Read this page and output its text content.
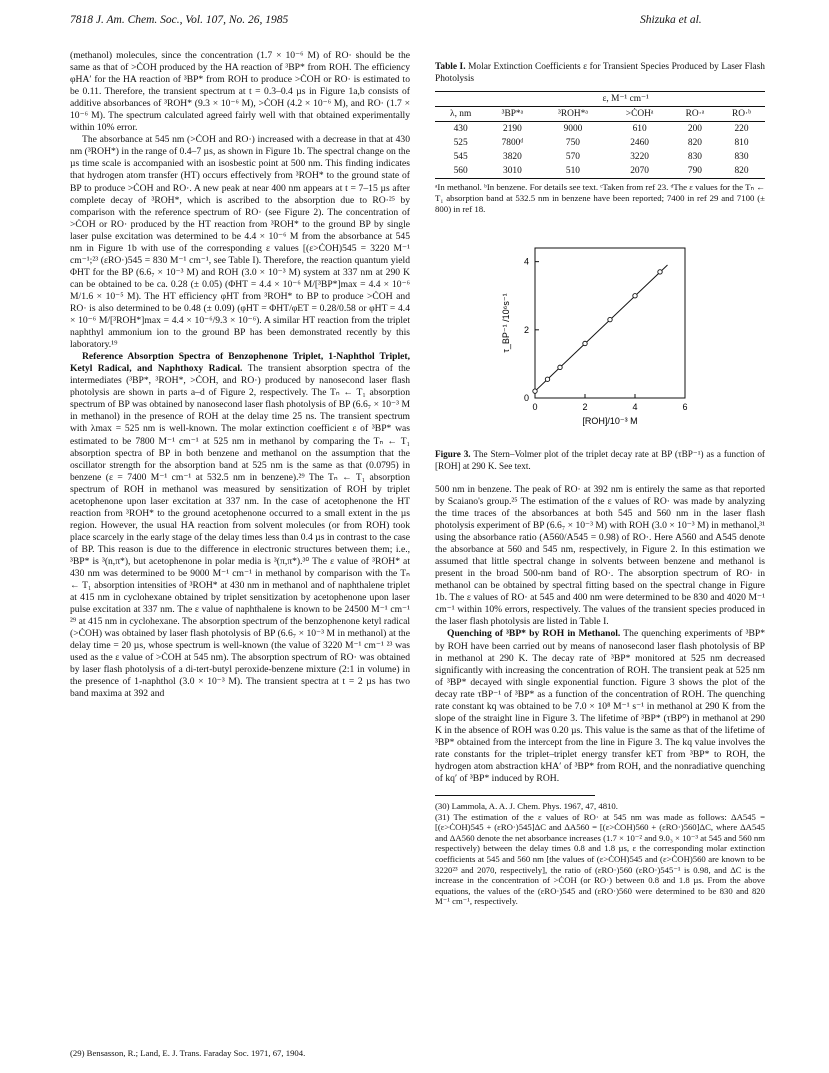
7818 J. Am. Chem. Soc., Vol. 107, No. 26, 1985	Shizuka et al.

(methanol) molecules, since the concentration (1.7 × 10⁻⁶ M) of RO· should be the same as that of >ĊOH produced by the HA reaction of ³BP* from ROH. The efficiency φHA′ for the HA reaction of ³BP* from ROH to produce >ĊOH or RO· is estimated to be 0.11. Therefore, the transient spectrum at t = 0.3–0.4 µs in Figure 1a,b consists of additive absorbances of ³ROH* (9.3 × 10⁻⁶ M), >ĊOH (4.2 × 10⁻⁶ M), and RO· (1.7 × 10⁻⁶ M). The spectrum calculated agreed fairly well with that obtained experimentally within 10% error.

The absorbance at 545 nm (>ĊOH and RO·) increased with a decrease in that at 430 nm (³ROH*) in the range of 0.4–7 µs, as shown in Figure 1b. The spectral change on the µs time scale is accompanied with an isosbestic point at 500 nm. This finding indicates that hydrogen atom transfer (HT) occurs effectively from ³ROH* to the ground state of BP to produce >ĊOH and RO·. A new peak at near 400 nm appears at t = 7–15 µs after complete decay of ³ROH*, which is ascribed to the absorption due to RO·²⁵ by comparison with the reference spectrum of RO· (see Figure 2). The concentration of >ĊOH or RO· produced by the HT reaction from ³ROH* to the ground BP by single laser pulse excitation was determined to be 4.4 × 10⁻⁶ M from the absorbance at 545 nm in Figure 1b with use of the corresponding ε values [(ε>ĊOH)545 = 3220 M⁻¹ cm⁻¹;²³ (εRO·)545 = 830 M⁻¹ cm⁻¹, see Table I). Therefore, the reaction quantum yield ΦHT for the BP (6.6₇ × 10⁻³ M) and ROH (3.0 × 10⁻³ M) system at 337 nm at 290 K can be obtained to be ca. 0.28 (± 0.05) (ΦHT = 4.4 × 10⁻⁶ M/[³BP*]max = 4.4 × 10⁻⁶ M/1.6 × 10⁻⁵ M). The HT efficiency φHT from ³ROH* to BP to produce >ĊOH and RO· is also determined to be 0.48 (± 0.09) (φHT = ΦHT/φET = 0.28/0.58 or φHT = 4.4 × 10⁻⁶ M/[³ROH*]max = 4.4 × 10⁻⁶/9.3 × 10⁻⁶). A similar HT reaction from the triplet naphthyl ammonium ion to the ground BP has been demonstrated recently by this laboratory.¹⁹

Reference Absorption Spectra of Benzophenone Triplet, 1-Naphthol Triplet, Ketyl Radical, and Naphthoxy Radical. The transient absorption spectra of the intermediates (³BP*, ³ROH*, >ĊOH, and RO·) produced by nanosecond laser flash photolysis are shown in parts a–d of Figure 2, respectively. The Tₙ ← T₁ absorption spectrum of BP was obtained by nanosecond laser flash photolysis of BP (6.6₇ × 10⁻³ M in methanol) in the presence of ROH at the delay time 25 ns. The transient spectrum with λmax = 525 nm is well-known. The molar extinction coefficient ε of ³BP* was estimated to be 7800 M⁻¹ cm⁻¹ at 525 nm in methanol by comparing the Tₙ ← T₁ absorption spectra of BP in both benzene and methanol on the assumption that the oscillator strength for the absorption band at 525 nm is the same as that (0.0795) in benzene (ε = 7400 M⁻¹ cm⁻¹ at 532.5 nm in benzene).²⁹ The Tₙ ← T₁ absorption spectrum of ROH in methanol was measured by sensitization of ROH by triplet acetophenone upon laser excitation at 337 nm. In the case of acetophenone the HT reaction from ³ROH* to the ground acetophenone occurred to a small extent in the µs region. However, the usual HA reaction from solvent molecules (or from ROH) took place scarcely in the early stage of the delay times less than 0.4 µs in contrast to the case of BP. This reason is due to the difference in electronic structures between them; i.e., ³BP* is ³(n,π*), but acetophenone in polar media is ³(π,π*).³⁰ The ε value of ³ROH* at 430 nm was determined to be 9000 M⁻¹ cm⁻¹ in methanol by comparison with the Tₙ ← T₁ absorption intensities of ³ROH* at 430 nm in methanol and of naphthalene triplet at 415 nm in cyclohexane obtained by triplet sensitization by acetophenone upon laser pulse excitation at 337 nm. The ε value of naphthalene is known to be 24500 M⁻¹ cm⁻¹ ²⁹ at 415 nm in cyclohexane. The absorption spectrum of the benzophenone ketyl radical (>ĊOH) was obtained by laser flash photolysis of BP (6.6₇ × 10⁻³ M in methanol) at the delay time = 20 µs, whose spectrum is well-known (the value of 3220 M⁻¹ cm⁻¹ ²³ was used as the ε value of >ĊOH at 545 nm). The absorption spectrum of RO· was obtained by laser flash photolysis of a di-tert-butyl peroxide-benzene mixture (2:1 in volume) in the presence of 1-naphthol (3.0 × 10⁻³ M). The transient spectra at t = 2 µs has two band maxima at 392 and

(29) Bensasson, R.; Land, E. J. Trans. Faraday Soc. 1971, 67, 1904.

Table I. Molar Extinction Coefficients ε for Transient Species Produced by Laser Flash Photolysis
	ε, M⁻¹ cm⁻¹				
λ, nm	³BP*ᵃ	³ROH*ᵃ	>ĊOHᵃ	RO·ᵃ	RO·ᵇ
430	2190	9000	610	200	220
525	7800ᵈ	750	2460	820	810
545	3820	570	3220	830	830
560	3010	510	2070	790	820
ᵃIn methanol. ᵇIn benzene. For details see text. ᶜTaken from ref 23. ᵈThe ε values for the Tₙ ← T₁ absorption band at 532.5 nm in benzene have been reported; 7400 in ref 29 and 7100 (± 800) in ref 18.
0	2	4	6
0
2
4
[ROH]/10⁻³ M
τ_BP⁻¹ /10⁶s⁻¹
Figure 3. The Stern–Volmer plot of the triplet decay rate at BP (τBP⁻¹) as a function of [ROH] at 290 K. See text.

500 nm in benzene. The peak of RO· at 392 nm is entirely the same as that reported by Scaiano's group.²⁵ The estimation of the ε values of RO· was made by analyzing the time traces of the absorbances at both 545 and 560 nm in the laser flash photolysis experiment of BP (6.6₇ × 10⁻³ M) with ROH (3.0 × 10⁻³ M) in methanol,³¹ using the absorbance ratio (A560/A545 = 0.98) of RO·. Here A560 and A545 denote the absorbance at 560 and 545 nm, respectively, in Figure 2. In this estimation we assumed that little spectral change in solvents between benzene and methanol is present in the broad 500-nm band of RO·. The absorption spectrum of RO· in methanol can be obtained by spectral fitting based on the spectral change in Figure 1b. The ε values of RO· at 545 and 400 nm were determined to be 830 and 4020 M⁻¹ cm⁻¹ within 10% errors, respectively. The values of the transient species produced in the laser flash photolysis are listed in Table I.

Quenching of ³BP* by ROH in Methanol. The quenching experiments of ³BP* by ROH have been carried out by means of nanosecond laser flash photolysis of BP in methanol at 290 K. The decay rate of ³BP* monitored at 525 nm decreased significantly with increasing the concentration of ROH. The transient peak at 525 nm of ³BP* decayed with single exponential function. Figure 3 shows the plot of the decay rate τBP⁻¹ of ³BP* as a function of the concentration of ROH. The quenching rate constant kq was obtained to be 7.0 × 10⁸ M⁻¹ s⁻¹ in methanol at 290 K from the slope of the straight line in Figure 3. The lifetime of ³BP* (τBP⁰) in methanol at 290 K in the absence of ROH was 0.20 µs. This value is the same as that of the lifetime of ³BP* obtained from the intercept from the line in Figure 3. The kq value involves the rate constants for the triplet–triplet energy transfer kET from ³BP* to ROH, the hydrogen atom abstraction kHA′ of ³BP* from ROH, and the nonradiative quenching of kq′ of ³BP* induced by ROH.

(30) Lammola, A. A. J. Chem. Phys. 1967, 47, 4810.

(31) The estimation of the ε values of RO· at 545 nm was made as follows: ΔA545 = [(ε>ĊOH)545 + (εRO·)545]ΔC and ΔA560 = [(ε>ĊOH)560 + (εRO·)560]ΔC, where ΔA545 and ΔA560 denote the net absorbance increases (1.7 × 10⁻² and 9.0₃ × 10⁻³ at 545 and 560 nm respectively) between the delay times 0.8 and 1.8 µs, ε the corresponding molar extinction coefficients at 545 and 560 nm [the values of (ε>ĊOH)545 and (ε>ĊOH)560 are known to be 3220²³ and 2070, respectively], the ratio of (εRO·)560 (εRO·)545⁻¹ is 0.98, and ΔC is the increase in the concentration of >ĊOH (or RO·) between 0.8 and 1.8 µs. From the above equations, the values of the (εRO·)545 and (εRO·)560 were determined to be 830 and 820 M⁻¹ cm⁻¹, respectively.
